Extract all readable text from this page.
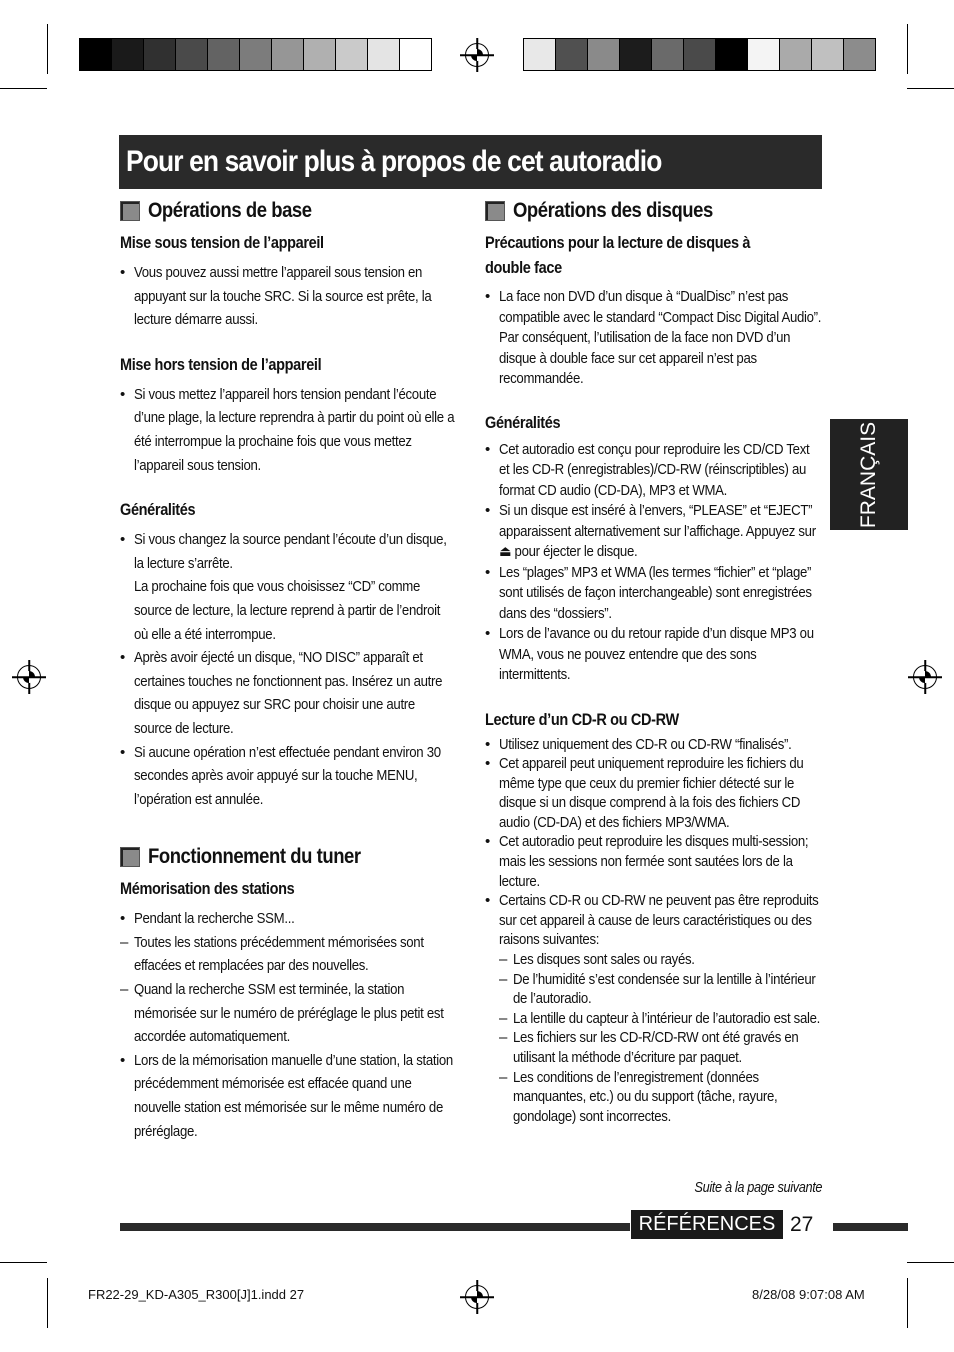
Pour en savoir plus à propos de cet autoradio
FRANÇAIS
Opérations de base
Mise sous tension de l’appareil
• Vous pouvez aussi mettre l’appareil sous tension en appuyant sur la touche SRC. Si la source est prête, la lecture démarre aussi.
Mise hors tension de l’appareil
• Si vous mettez l’appareil hors tension pendant l’écoute d’une plage, la lecture reprendra à partir du point où elle a été interrompue la prochaine fois que vous mettez l’appareil sous tension.
Généralités
• Si vous changez la source pendant l’écoute d’un disque, la lecture s’arrête.
La prochaine fois que vous choisissez “CD” comme source de lecture, la lecture reprend à partir de l’endroit où elle a été interrompue.
• Après avoir éjecté un disque, “NO DISC” apparaît et certaines touches ne fonctionnent pas. Insérez un autre disque ou appuyez sur SRC pour choisir une autre source de lecture.
• Si aucune opération n’est effectuée pendant environ 30 secondes après avoir appuyé sur la touche MENU, l’opération est annulée.
Fonctionnement du tuner
Mémorisation des stations
• Pendant la recherche SSM...
– Toutes les stations précédemment mémorisées sont effacées et remplacées par des nouvelles.
– Quand la recherche SSM est terminée, la station mémorisée sur le numéro de préréglage le plus petit est accordée automatiquement.
• Lors de la mémorisation manuelle d’une station, la station précédemment mémorisée est effacée quand une nouvelle station est mémorisée sur le même numéro de préréglage.
Opérations des disques
Précautions pour la lecture de disques à double face
• La face non DVD d’un disque à “DualDisc” n’est pas compatible avec le standard “Compact Disc Digital Audio”. Par conséquent, l’utilisation de la face non DVD d’un disque à double face sur cet appareil n’est pas recommandée.
Généralités
• Cet autoradio est conçu pour reproduire les CD/CD Text et les CD-R (enregistrables)/CD-RW (réinscriptibles) au format CD audio (CD-DA), MP3 et WMA.
• Si un disque est inséré à l’envers, “PLEASE” et “EJECT” apparaissent alternativement sur l’affichage. Appuyez sur ⏏ pour éjecter le disque.
• Les “plages” MP3 et WMA (les termes “fichier” et “plage” sont utilisés de façon interchangeable) sont enregistrées dans des “dossiers”.
• Lors de l’avance ou du retour rapide d’un disque MP3 ou WMA, vous ne pouvez entendre que des sons intermittents.
Lecture d’un CD-R ou CD-RW
• Utilisez uniquement des CD-R ou CD-RW “finalisés”.
• Cet appareil peut uniquement reproduire les fichiers du même type que ceux du premier fichier détecté sur le disque si un disque comprend à la fois des fichiers CD audio (CD-DA) et des fichiers MP3/WMA.
• Cet autoradio peut reproduire les disques multi-session; mais les sessions non fermée sont sautées lors de la lecture.
• Certains CD-R ou CD-RW ne peuvent pas être reproduits sur cet appareil à cause de leurs caractéristiques ou des raisons suivantes:
– Les disques sont sales ou rayés.
– De l’humidité s’est condensée sur la lentille à l’intérieur de l’autoradio.
– La lentille du capteur à l’intérieur de l’autoradio est sale.
– Les fichiers sur les CD-R/CD-RW ont été gravés en utilisant la méthode d’écriture par paquet.
– Les conditions de l’enregistrement (données manquantes, etc.) ou du support (tâche, rayure, gondolage) sont incorrectes.
Suite à la page suivante
RÉFÉRENCES 27
FR22-29_KD-A305_R300[J]1.indd 27	8/28/08 9:07:08 AM
